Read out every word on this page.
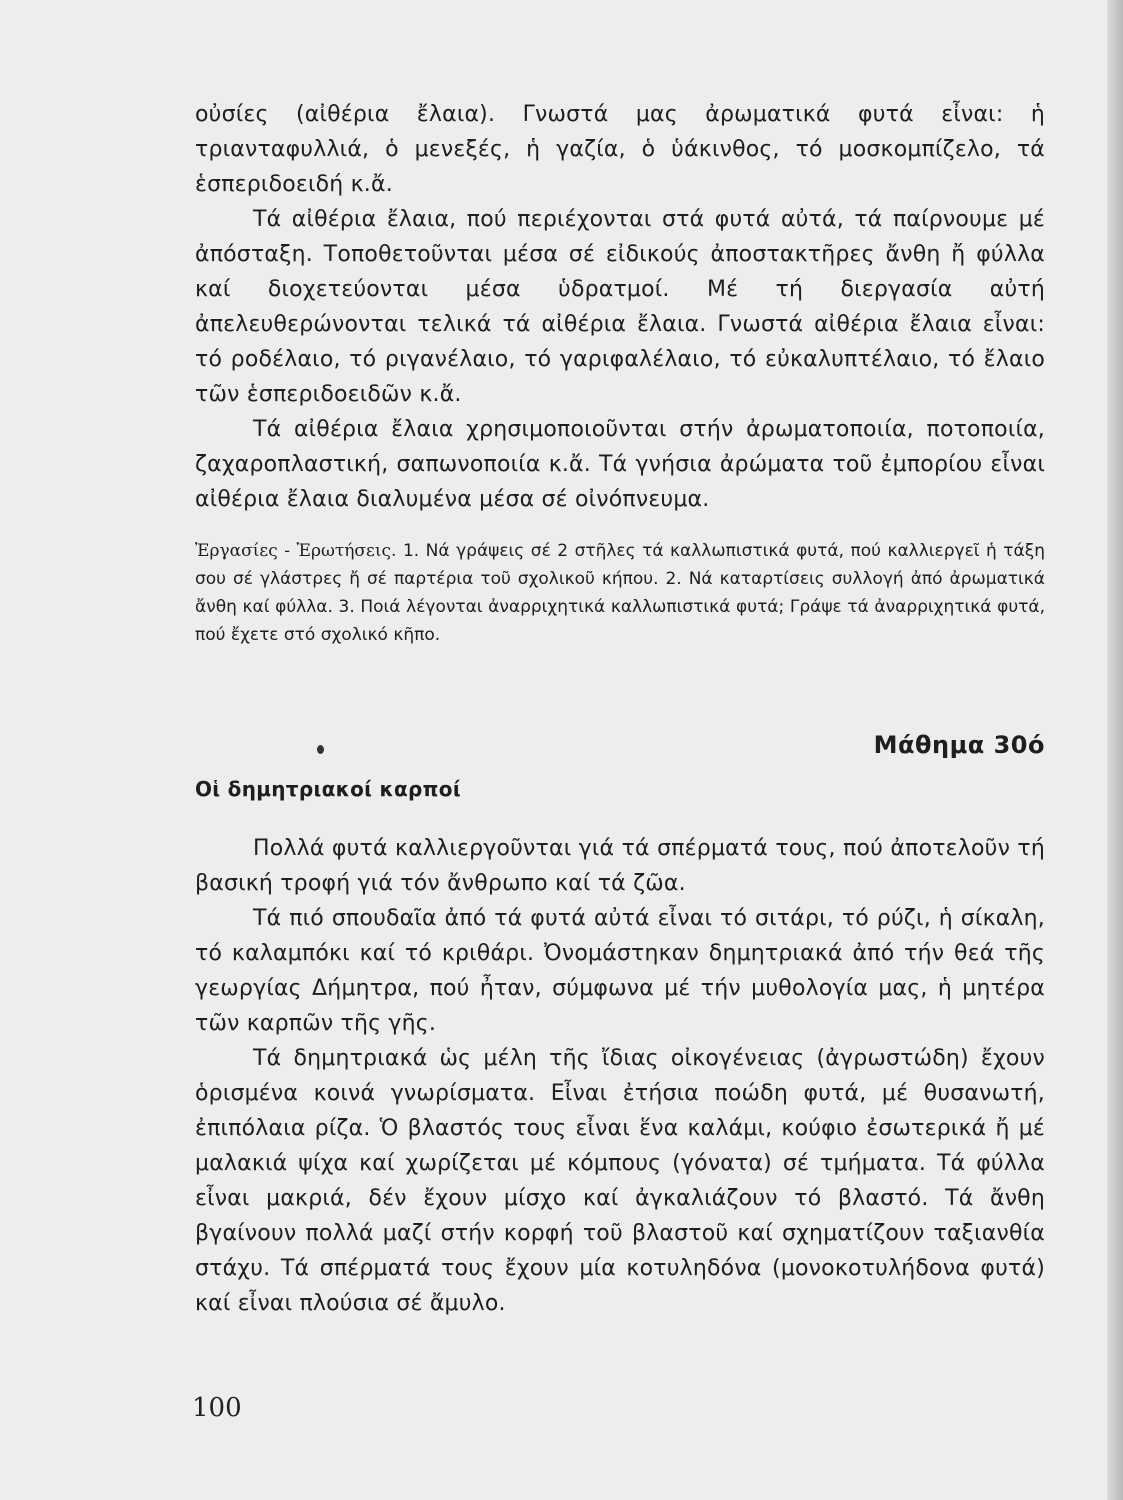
οὐσίες (αἰθέρια ἔλαια). Γνωστά μας ἀρωματικά φυτά εἶναι: ἡ τριανταφυλλιά, ὁ μενεξές, ἡ γαζία, ὁ ὑάκινθος, τό μοσκομπίζελο, τά ἑσπεριδοειδή κ.ἄ.

Τά αἰθέρια ἔλαια, πού περιέχονται στά φυτά αὐτά, τά παίρνουμε μέ ἀπόσταξη. Τοποθετοῦνται μέσα σέ εἰδικούς ἀποστακτῆρες ἄνθη ἤ φύλλα καί διοχετεύονται μέσα ὑδρατμοί. Μέ τή διεργασία αὐτή ἀπελευθερώνονται τελικά τά αἰθέρια ἔλαια. Γνωστά αἰθέρια ἔλαια εἶναι: τό ροδέλαιο, τό ριγανέλαιο, τό γαριφαλέλαιο, τό εὐκαλυπτέλαιο, τό ἔλαιο τῶν ἑσπεριδοειδῶν κ.ἄ.

Τά αἰθέρια ἔλαια χρησιμοποιοῦνται στήν ἀρωματοποιία, ποτοποιία, ζαχαροπλαστική, σαπωνοποιία κ.ἄ. Τά γνήσια ἀρώματα τοῦ ἐμπορίου εἶναι αἰθέρια ἔλαια διαλυμένα μέσα σέ οἰνόπνευμα.

Ἐργασίες - Ἐρωτήσεις. 1. Νά γράψεις σέ 2 στῆλες τά καλλωπιστικά φυτά, πού καλλιεργεῖ ἡ τάξη σου σέ γλάστρες ἤ σέ παρτέρια τοῦ σχολικοῦ κήπου. 2. Νά καταρτίσεις συλλογή ἀπό ἀρωματικά ἄνθη καί φύλλα. 3. Ποιά λέγονται ἀναρριχητικά καλλωπιστικά φυτά; Γράψε τά ἀναρριχητικά φυτά, πού ἔχετε στό σχολικό κῆπο.
Μάθημα 30ό
Οἱ δημητριακοί καρποί

Πολλά φυτά καλλιεργοῦνται γιά τά σπέρματά τους, πού ἀποτελοῦν τή βασική τροφή γιά τόν ἄνθρωπο καί τά ζῶα.

Τά πιό σπουδαῖα ἀπό τά φυτά αὐτά εἶναι τό σιτάρι, τό ρύζι, ἡ σίκαλη, τό καλαμπόκι καί τό κριθάρι. Ὀνομάστηκαν δημητριακά ἀπό τήν θεά τῆς γεωργίας Δήμητρα, πού ἦταν, σύμφωνα μέ τήν μυθολογία μας, ἡ μητέρα τῶν καρπῶν τῆς γῆς.

Τά δημητριακά ὡς μέλη τῆς ἴδιας οἰκογένειας (ἀγρωστώδη) ἔχουν ὁρισμένα κοινά γνωρίσματα. Εἶναι ἐτήσια ποώδη φυτά, μέ θυσανωτή, ἐπιπόλαια ρίζα. Ὁ βλαστός τους εἶναι ἕνα καλάμι, κούφιο ἐσωτερικά ἤ μέ μαλακιά ψίχα καί χωρίζεται μέ κόμπους (γόνατα) σέ τμήματα. Τά φύλλα εἶναι μακριά, δέν ἔχουν μίσχο καί ἀγκαλιάζουν τό βλαστό. Τά ἄνθη βγαίνουν πολλά μαζί στήν κορφή τοῦ βλαστοῦ καί σχηματίζουν ταξιανθία στάχυ. Τά σπέρματά τους ἔχουν μία κοτυληδόνα (μονοκοτυλήδονα φυτά) καί εἶναι πλούσια σέ ἄμυλο.

100
